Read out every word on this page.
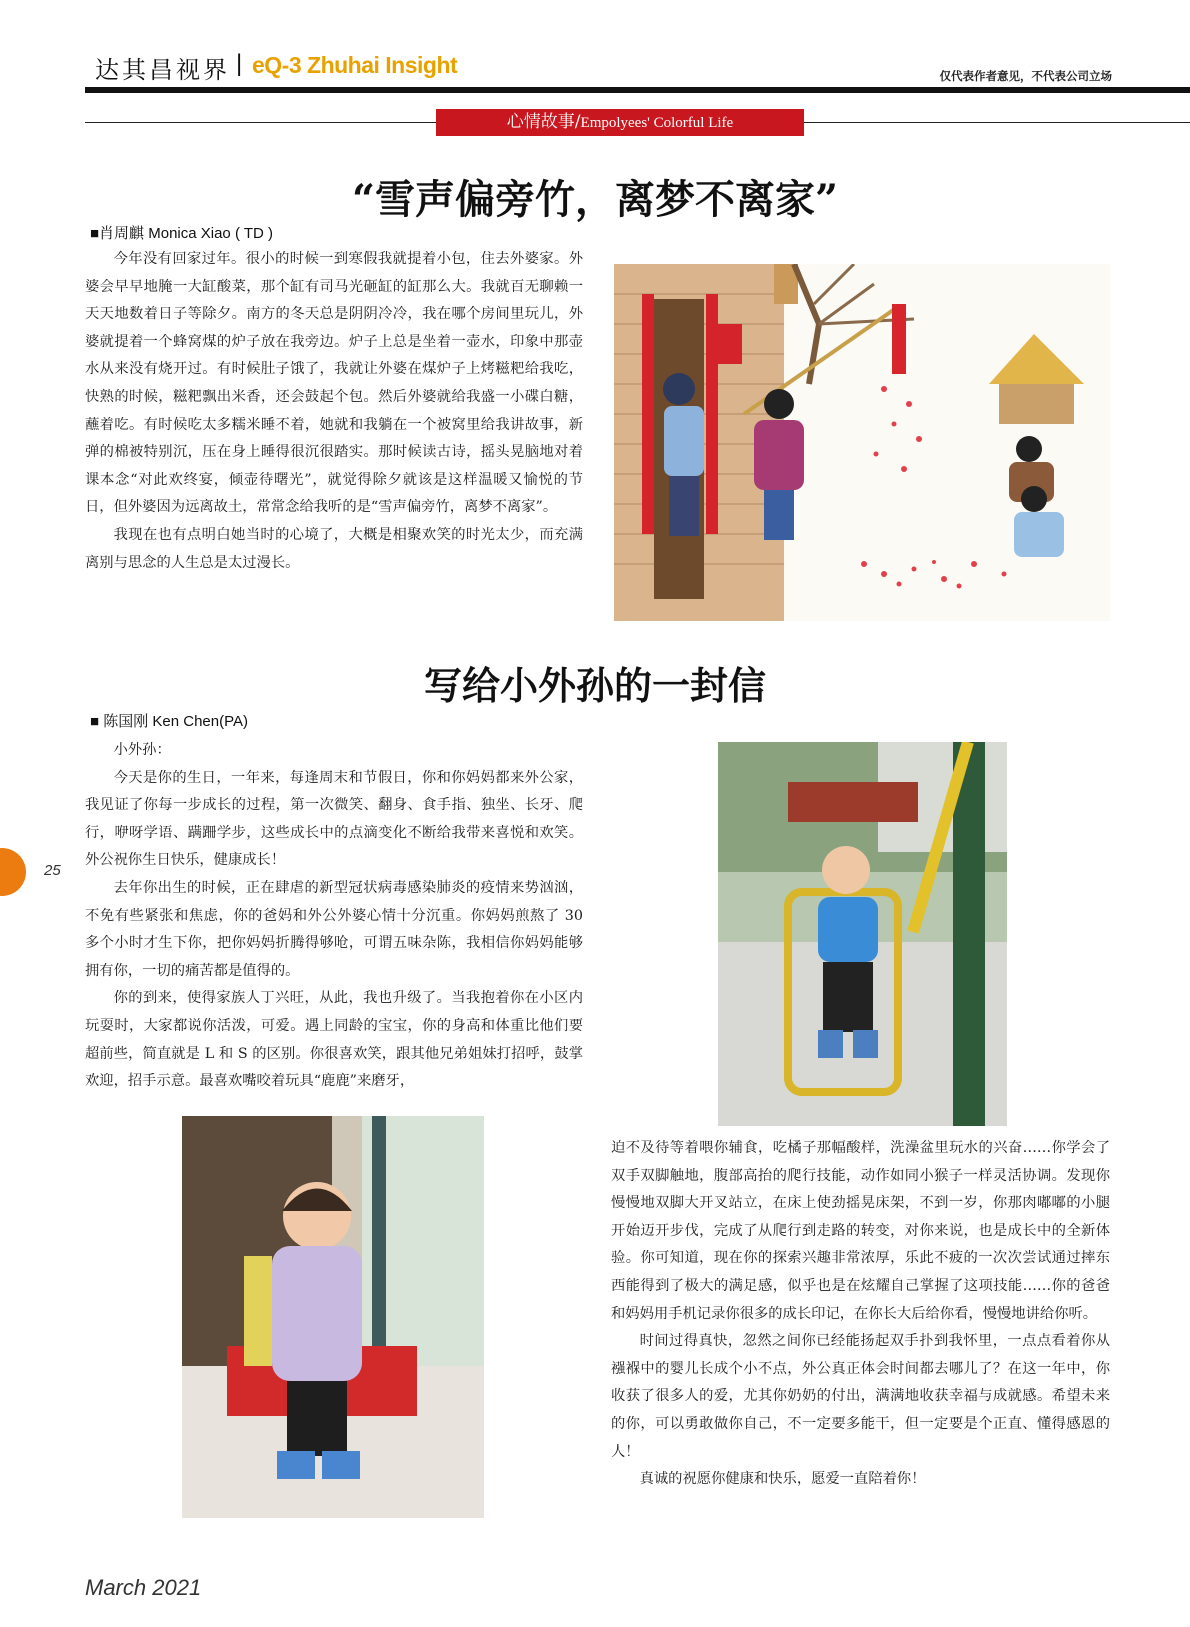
达其昌视界 | eQ-3 Zhuhai Insight	仅代表作者意见，不代表公司立场
心情故事/Empolyees' Colorful Life
“雪声偏旁竹，离梦不离家”
■肖周麒 Monica Xiao ( TD )

今年没有回家过年。很小的时候一到寒假我就提着小包，住去外婆家。外婆会早早地腌一大缸酸菜，那个缸有司马光砸缸的缸那么大。我就百无聊赖一天天地数着日子等除夕。南方的冬天总是阴阴冷冷，我在哪个房间里玩儿，外婆就提着一个蜂窝煤的炉子放在我旁边。炉子上总是坐着一壶水，印象中那壶水从来没有烧开过。有时候肚子饿了，我就让外婆在煤炉子上烤糍粑给我吃，快熟的时候，糍粑飘出米香，还会鼓起个包。然后外婆就给我盛一小碟白糖，蘸着吃。有时候吃太多糯米睡不着，她就和我躺在一个被窝里给我讲故事，新弹的棉被特别沉，压在身上睡得很沉很踏实。那时候读古诗，摇头晃脑地对着课本念“对此欢终宴，倾壶待曙光”，就觉得除夕就该是这样温暖又愉悦的节日，但外婆因为远离故土，常常念给我听的是“雪声偏旁竹，离梦不离家”。

我现在也有点明白她当时的心境了，大概是相聚欢笑的时光太少，而充满离别与思念的人生总是太过漫长。

写给小外孙的一封信
■ 陈国刚 Ken Chen(PA)

小外孙：

今天是你的生日，一年来，每逢周末和节假日，你和你妈妈都来外公家，我见证了你每一步成长的过程，第一次微笑、翻身、食手指、独坐、长牙、爬行，咿呀学语、蹒跚学步，这些成长中的点滴变化不断给我带来喜悦和欢笑。外公祝你生日快乐，健康成长！

去年你出生的时候，正在肆虐的新型冠状病毒感染肺炎的疫情来势汹汹，不免有些紧张和焦虑，你的爸妈和外公外婆心情十分沉重。你妈妈煎熬了 30 多个小时才生下你，把你妈妈折腾得够呛，可谓五味杂陈，我相信你妈妈能够拥有你，一切的痛苦都是值得的。

你的到来，使得家族人丁兴旺，从此，我也升级了。当我抱着你在小区内玩耍时，大家都说你活泼，可爱。遇上同龄的宝宝，你的身高和体重比他们要超前些，简直就是 L 和 S 的区别。你很喜欢笑，跟其他兄弟姐妹打招呼，鼓掌欢迎，招手示意。最喜欢嘴咬着玩具“鹿鹿”来磨牙，

迫不及待等着喂你辅食，吃橘子那幅酸样，洗澡盆里玩水的兴奋……你学会了双手双脚触地，腹部高抬的爬行技能，动作如同小猴子一样灵活协调。发现你慢慢地双脚大开叉站立，在床上使劲摇晃床架，不到一岁，你那肉嘟嘟的小腿开始迈开步伐，完成了从爬行到走路的转变，对你来说，也是成长中的全新体验。你可知道，现在你的探索兴趣非常浓厚，乐此不疲的一次次尝试通过摔东西能得到了极大的满足感，似乎也是在炫耀自己掌握了这项技能……你的爸爸和妈妈用手机记录你很多的成长印记，在你长大后给你看，慢慢地讲给你听。

时间过得真快，忽然之间你已经能扬起双手扑到我怀里，一点点看着你从襁褓中的婴儿长成个小不点，外公真正体会时间都去哪儿了？在这一年中，你收获了很多人的爱，尤其你奶奶的付出，满满地收获幸福与成就感。希望未来的你，可以勇敢做你自己，不一定要多能干，但一定要是个正直、懂得感恩的人！

真诚的祝愿你健康和快乐，愿爱一直陪着你！

25
March 2021
